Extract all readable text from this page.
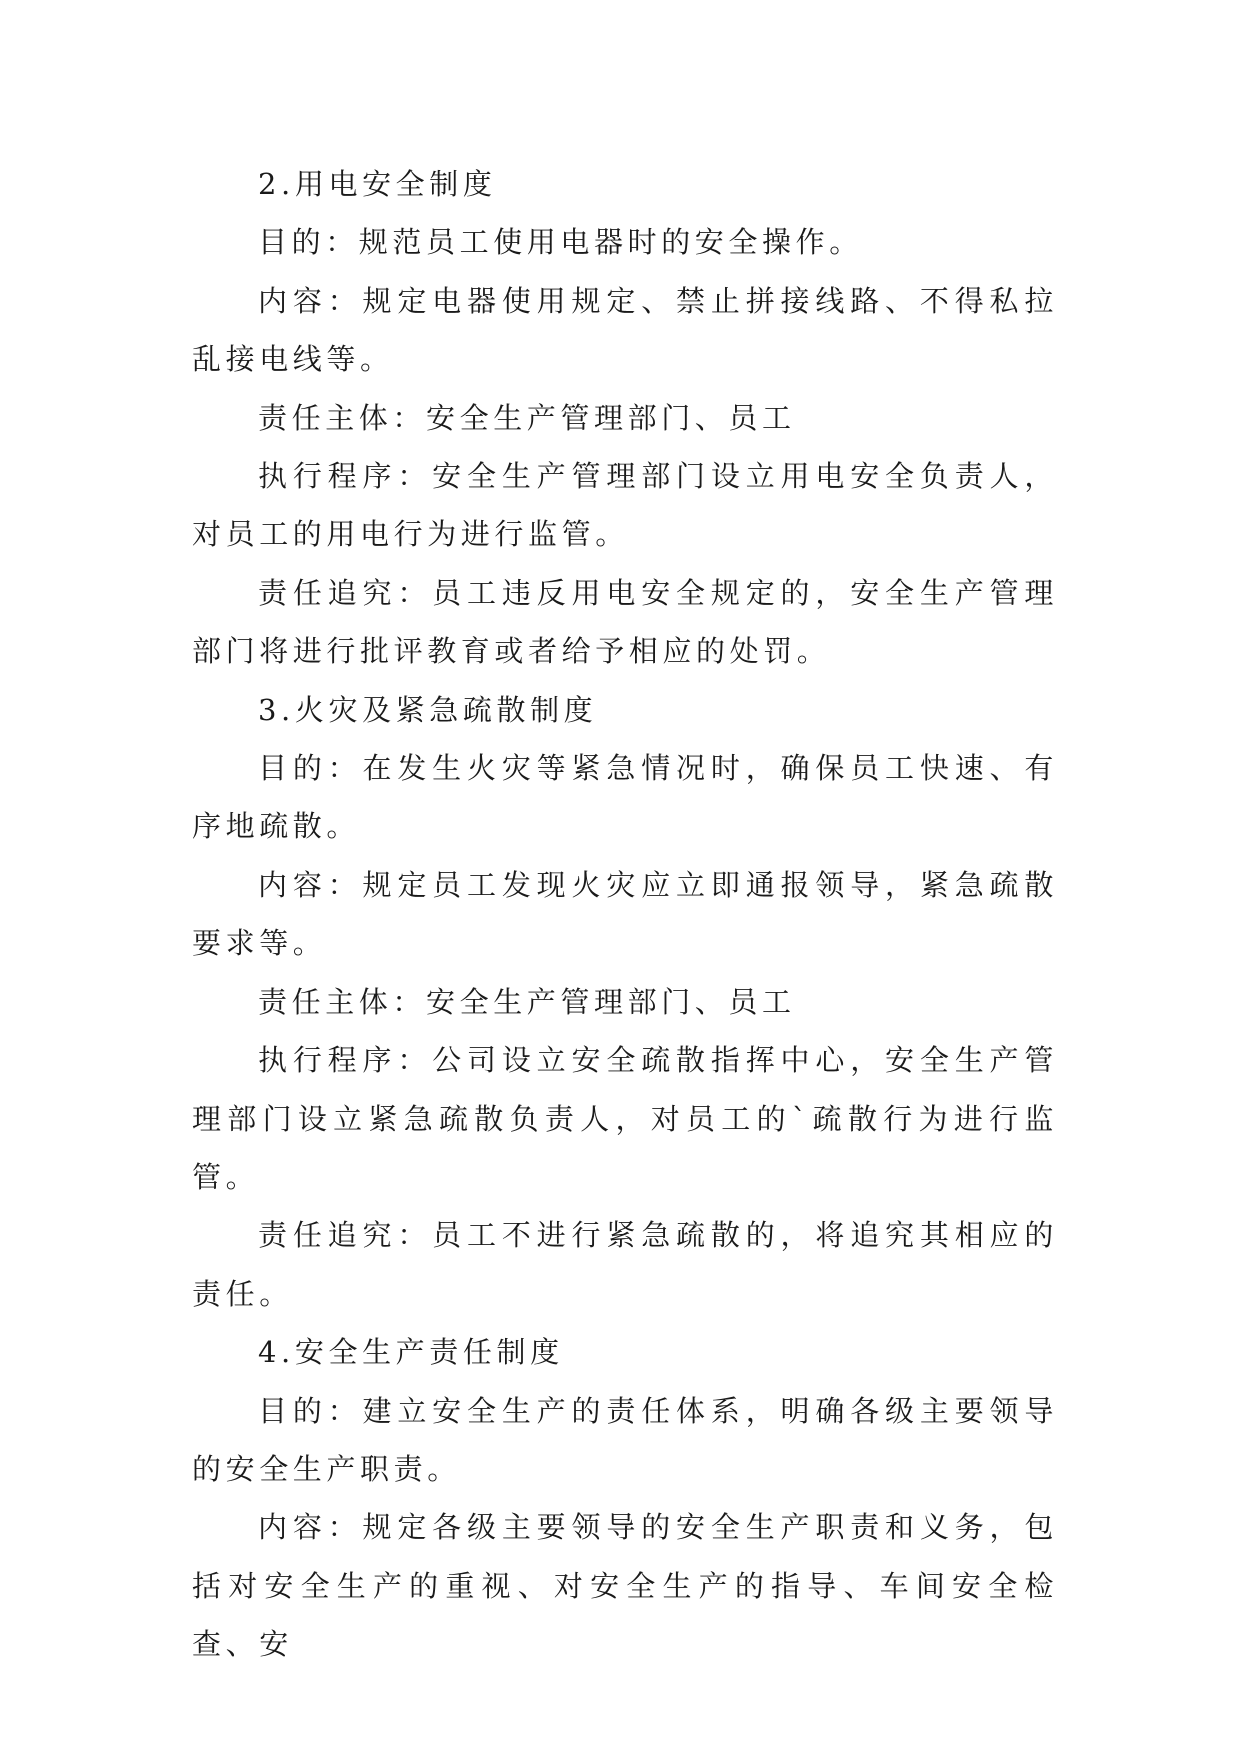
2.用电安全制度

目的：规范员工使用电器时的安全操作。

内容：规定电器使用规定、禁止拼接线路、不得私拉乱接电线等。

责任主体：安全生产管理部门、员工

执行程序：安全生产管理部门设立用电安全负责人，对员工的用电行为进行监管。

责任追究：员工违反用电安全规定的，安全生产管理部门将进行批评教育或者给予相应的处罚。

3.火灾及紧急疏散制度

目的：在发生火灾等紧急情况时，确保员工快速、有序地疏散。

内容：规定员工发现火灾应立即通报领导，紧急疏散要求等。

责任主体：安全生产管理部门、员工

执行程序：公司设立安全疏散指挥中心，安全生产管理部门设立紧急疏散负责人，对员工的`疏散行为进行监管。

责任追究：员工不进行紧急疏散的，将追究其相应的责任。

4.安全生产责任制度

目的：建立安全生产的责任体系，明确各级主要领导的安全生产职责。

内容：规定各级主要领导的安全生产职责和义务，包括对安全生产的重视、对安全生产的指导、车间安全检查、安
